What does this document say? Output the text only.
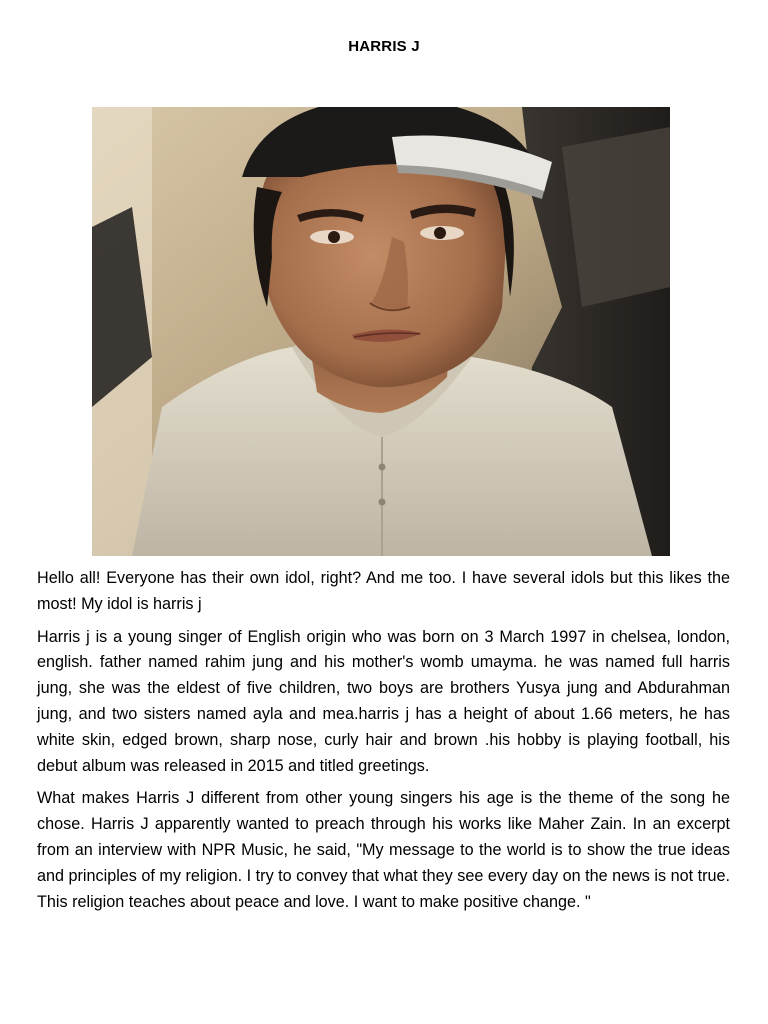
HARRIS J

Hello all! Everyone has their own idol, right? And me too. I have several idols but this likes the most! My idol is harris j

Harris j is a young singer of English origin who was born on 3 March 1997 in chelsea, london, english. father named rahim jung and his mother's womb umayma. he was named full harris jung, she was the eldest of five children, two boys are brothers Yusya jung and Abdurahman jung, and two sisters named ayla and mea.harris j has a height of about 1.66 meters, he has white skin, edged brown, sharp nose, curly hair and brown .his hobby is playing football, his debut album was released in 2015 and titled greetings.

What makes Harris J different from other young singers his age is the theme of the song he chose. Harris J apparently wanted to preach through his works like Maher Zain. In an excerpt from an interview with NPR Music, he said, "My message to the world is to show the true ideas and principles of my religion. I try to convey that what they see every day on the news is not true. This religion teaches about peace and love. I want to make positive change. "
